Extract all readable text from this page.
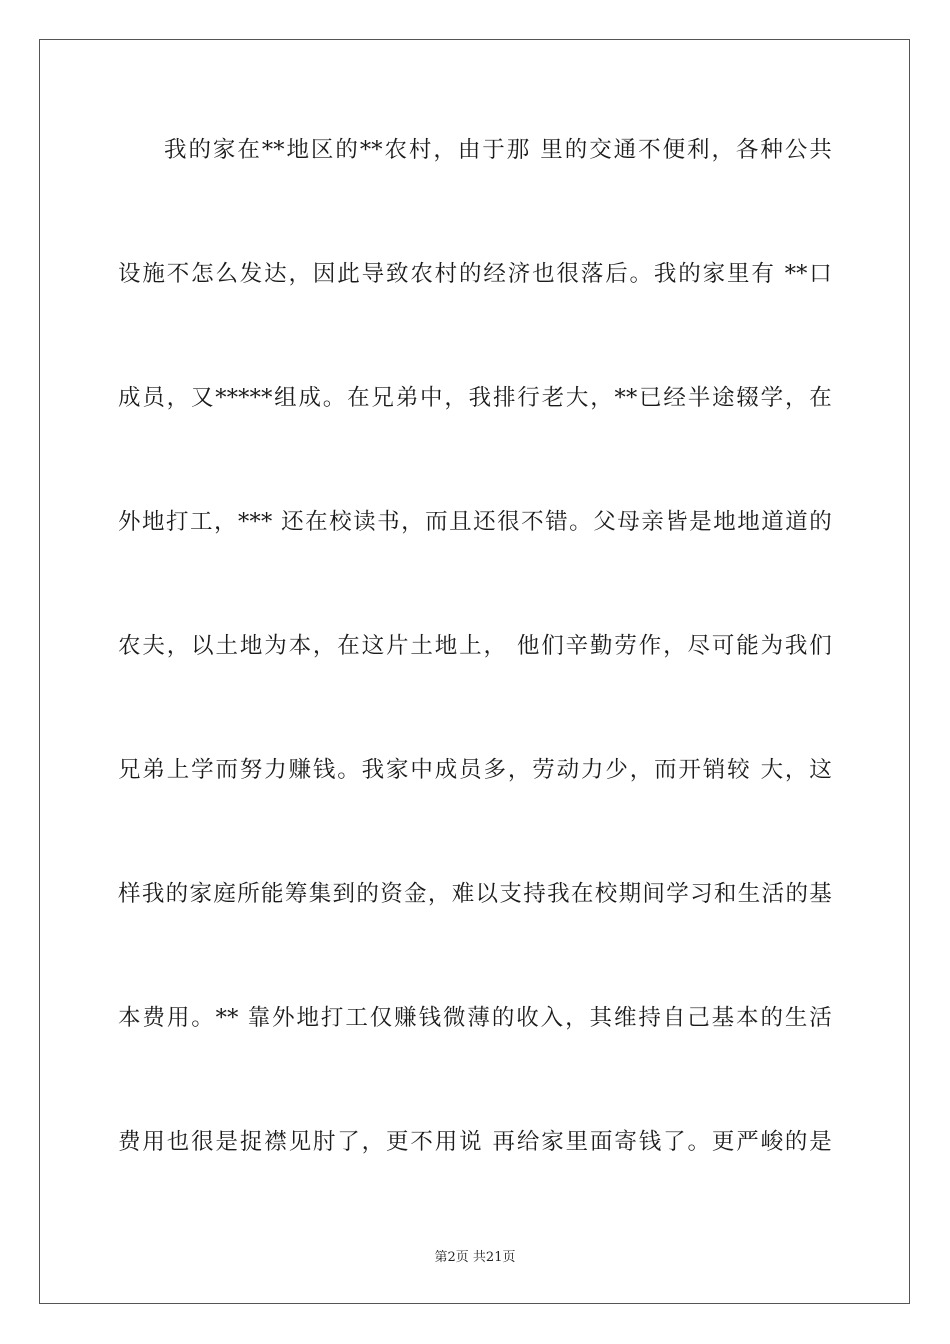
我的家在**地区的**农村，由于那 里的交通不便利，各种公共
设施不怎么发达，因此导致农村的经济也很落后。我的家里有 **口
成员，又*****组成。在兄弟中，我排行老大，**已经半途辍学，在
外地打工，*** 还在校读书，而且还很不错。父母亲皆是地地道道的
农夫，以土地为本，在这片土地上， 他们辛勤劳作，尽可能为我们
兄弟上学而努力赚钱。我家中成员多，劳动力少，而开销较 大，这
样我的家庭所能筹集到的资金，难以支持我在校期间学习和生活的基
本费用。** 靠外地打工仅赚钱微薄的收入，其维持自己基本的生活
费用也很是捉襟见肘了，更不用说 再给家里面寄钱了。更严峻的是
第2页 共21页
